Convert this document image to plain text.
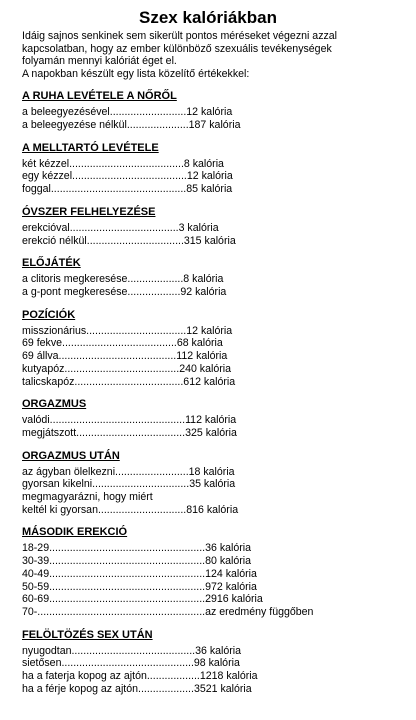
Szex kalóriákban
Idáig sajnos senkinek sem sikerült pontos méréseket végezni azzal
kapcsolatban, hogy az ember különböző szexuális tevékenységek
folyamán mennyi kalóriát éget el.
A napokban készült egy lista közelítő értékekkel:
A RUHA LEVÉTELE A NŐRŐL
a beleegyezésével..........................12 kalória
a beleegyezése nélkül.....................187 kalória
A MELLTARTÓ LEVÉTELE
két kézzel.......................................8 kalória
egy kézzel.......................................12 kalória
foggal..............................................85 kalória
ÓVSZER FELHELYEZÉSE
erekcióval.....................................3 kalória
erekció nélkül.................................315 kalória
ELŐJÁTÉK
a clitoris megkeresése...................8 kalória
a g-pont megkeresése..................92 kalória
POZÍCIÓK
misszionárius..................................12 kalória
69 fekve.......................................68 kalória
69 állva........................................112 kalória
kutyapóz.......................................240 kalória
talicskapóz.....................................612 kalória
ORGAZMUS
valódi..............................................112 kalória
megjátszott.....................................325 kalória
ORGAZMUS UTÁN
az ágyban ölelkezni.........................18 kalória
gyorsan kikelni.................................35 kalória
megmagyarázni, hogy miért
keltél ki gyorsan..............................816 kalória
MÁSODIK EREKCIÓ
18-29.....................................................36 kalória
30-39.....................................................80 kalória
40-49.....................................................124 kalória
50-59.....................................................972 kalória
60-69.....................................................2916 kalória
70-.........................................................az eredmény függőben
FELÖLTÖZÉS SEX UTÁN
nyugodtan..........................................36 kalória
sietősen.............................................98 kalória
ha a faterja kopog az ajtón..................1218 kalória
ha a férje kopog az ajtón...................3521 kalória
